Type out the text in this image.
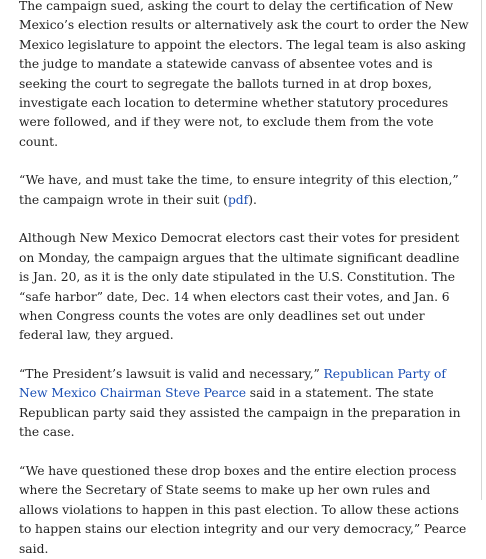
The campaign sued, asking the court to delay the certification of New Mexico’s election results or alternatively ask the court to order the New Mexico legislature to appoint the electors. The legal team is also asking the judge to mandate a statewide canvass of absentee votes and is seeking the court to segregate the ballots turned in at drop boxes, investigate each location to determine whether statutory procedures were followed, and if they were not, to exclude them from the vote count.

“We have, and must take the time, to ensure integrity of this election,” the campaign wrote in their suit (pdf).

Although New Mexico Democrat electors cast their votes for president on Monday, the campaign argues that the ultimate significant deadline is Jan. 20, as it is the only date stipulated in the U.S. Constitution. The “safe harbor” date, Dec. 14 when electors cast their votes, and Jan. 6 when Congress counts the votes are only deadlines set out under federal law, they argued.

“The President’s lawsuit is valid and necessary,” Republican Party of New Mexico Chairman Steve Pearce said in a statement. The state Republican party said they assisted the campaign in the preparation in the case.

“We have questioned these drop boxes and the entire election process where the Secretary of State seems to make up her own rules and allows violations to happen in this past election. To allow these actions to happen stains our election integrity and our very democracy,” Pearce said.
